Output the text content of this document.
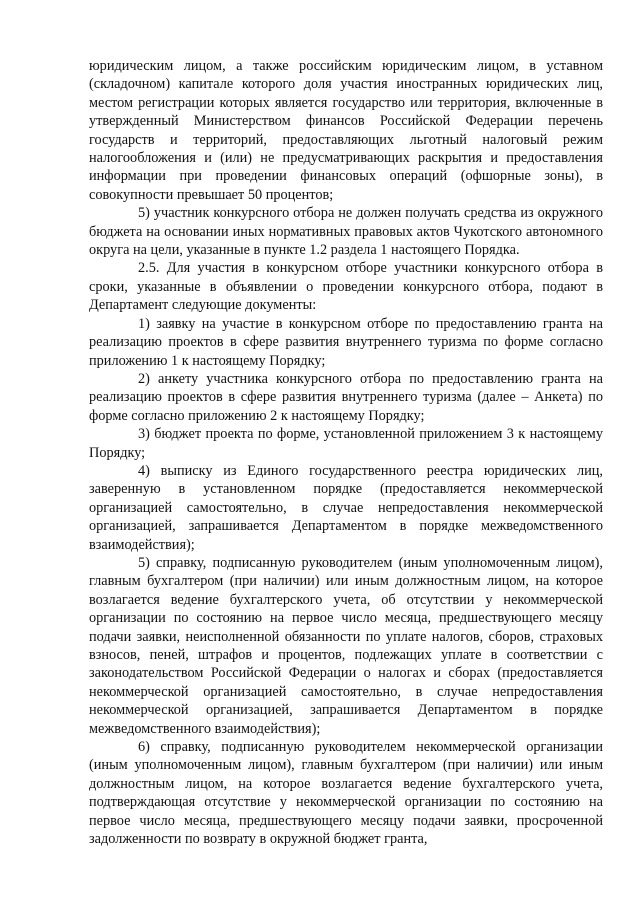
юридическим лицом, а также российским юридическим лицом, в уставном (складочном) капитале которого доля участия иностранных юридических лиц, местом регистрации которых является государство или территория, включенные в утвержденный Министерством финансов Российской Федерации перечень государств и территорий, предоставляющих льготный налоговый режим налогообложения и (или) не предусматривающих раскрытия и предоставления информации при проведении финансовых операций (офшорные зоны), в совокупности превышает 50 процентов;

5) участник конкурсного отбора не должен получать средства из окружного бюджета на основании иных нормативных правовых актов Чукотского автономного округа на цели, указанные в пункте 1.2 раздела 1 настоящего Порядка.

2.5. Для участия в конкурсном отборе участники конкурсного отбора в сроки, указанные в объявлении о проведении конкурсного отбора, подают в Департамент следующие документы:

1) заявку на участие в конкурсном отборе по предоставлению гранта на реализацию проектов в сфере развития внутреннего туризма по форме согласно приложению 1 к настоящему Порядку;

2) анкету участника конкурсного отбора по предоставлению гранта на реализацию проектов в сфере развития внутреннего туризма (далее – Анкета) по форме согласно приложению 2 к настоящему Порядку;

3) бюджет проекта по форме, установленной приложением 3 к настоящему Порядку;

4) выписку из Единого государственного реестра юридических лиц, заверенную в установленном порядке (предоставляется некоммерческой организацией самостоятельно, в случае непредоставления некоммерческой организацией, запрашивается Департаментом в порядке межведомственного взаимодействия);

5) справку, подписанную руководителем (иным уполномоченным лицом), главным бухгалтером (при наличии) или иным должностным лицом, на которое возлагается ведение бухгалтерского учета, об отсутствии у некоммерческой организации по состоянию на первое число месяца, предшествующего месяцу подачи заявки, неисполненной обязанности по уплате налогов, сборов, страховых взносов, пеней, штрафов и процентов, подлежащих уплате в соответствии с законодательством Российской Федерации о налогах и сборах (предоставляется некоммерческой организацией самостоятельно, в случае непредоставления некоммерческой организацией, запрашивается Департаментом в порядке межведомственного взаимодействия);

6) справку, подписанную руководителем некоммерческой организации (иным уполномоченным лицом), главным бухгалтером (при наличии) или иным должностным лицом, на которое возлагается ведение бухгалтерского учета, подтверждающая отсутствие у некоммерческой организации по состоянию на первое число месяца, предшествующего месяцу подачи заявки, просроченной задолженности по возврату в окружной бюджет гранта,
